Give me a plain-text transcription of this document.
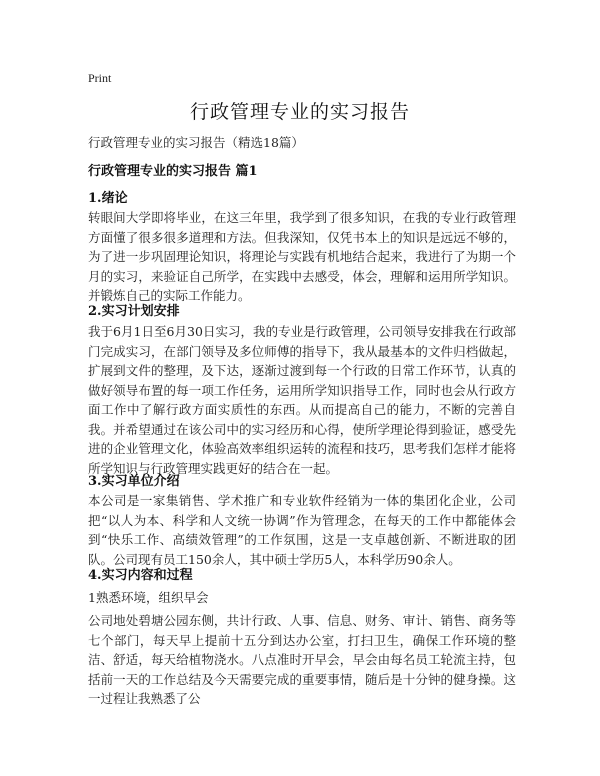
Print
行政管理专业的实习报告
行政管理专业的实习报告（精选18篇）
行政管理专业的实习报告 篇1
1.绪论
转眼间大学即将毕业，在这三年里，我学到了很多知识，在我的专业行政管理方面懂了很多很多道理和方法。但我深知，仅凭书本上的知识是远远不够的，为了进一步巩固理论知识，将理论与实践有机地结合起来，我进行了为期一个月的实习，来验证自己所学，在实践中去感受，体会，理解和运用所学知识。并锻炼自己的实际工作能力。
2.实习计划安排
我于6月1日至6月30日实习，我的专业是行政管理，公司领导安排我在行政部门完成实习，在部门领导及多位师傅的指导下，我从最基本的文件归档做起，扩展到文件的整理，及下达，逐渐过渡到每一个行政的日常工作环节，认真的做好领导布置的每一项工作任务，运用所学知识指导工作，同时也会从行政方面工作中了解行政方面实质性的东西。从而提高自己的能力，不断的完善自我。并希望通过在该公司中的实习经历和心得，使所学理论得到验证，感受先进的企业管理文化，体验高效率组织运转的流程和技巧，思考我们怎样才能将所学知识与行政管理实践更好的结合在一起。
3.实习单位介绍
本公司是一家集销售、学术推广和专业软件经销为一体的集团化企业，公司把“以人为本、科学和人文统一协调”作为管理念，在每天的工作中都能体会到“快乐工作、高绩效管理”的工作氛围，这是一支卓越创新、不断进取的团队。公司现有员工150余人，其中硕士学历5人，本科学历90余人。
4.实习内容和过程
1熟悉环境，组织早会
公司地处碧塘公园东侧，共计行政、人事、信息、财务、审计、销售、商务等七个部门，每天早上提前十五分到达办公室，打扫卫生，确保工作环境的整洁、舒适，每天给植物浇水。八点准时开早会，早会由每名员工轮流主持，包括前一天的工作总结及今天需要完成的重要事情，随后是十分钟的健身操。这一过程让我熟悉了公
